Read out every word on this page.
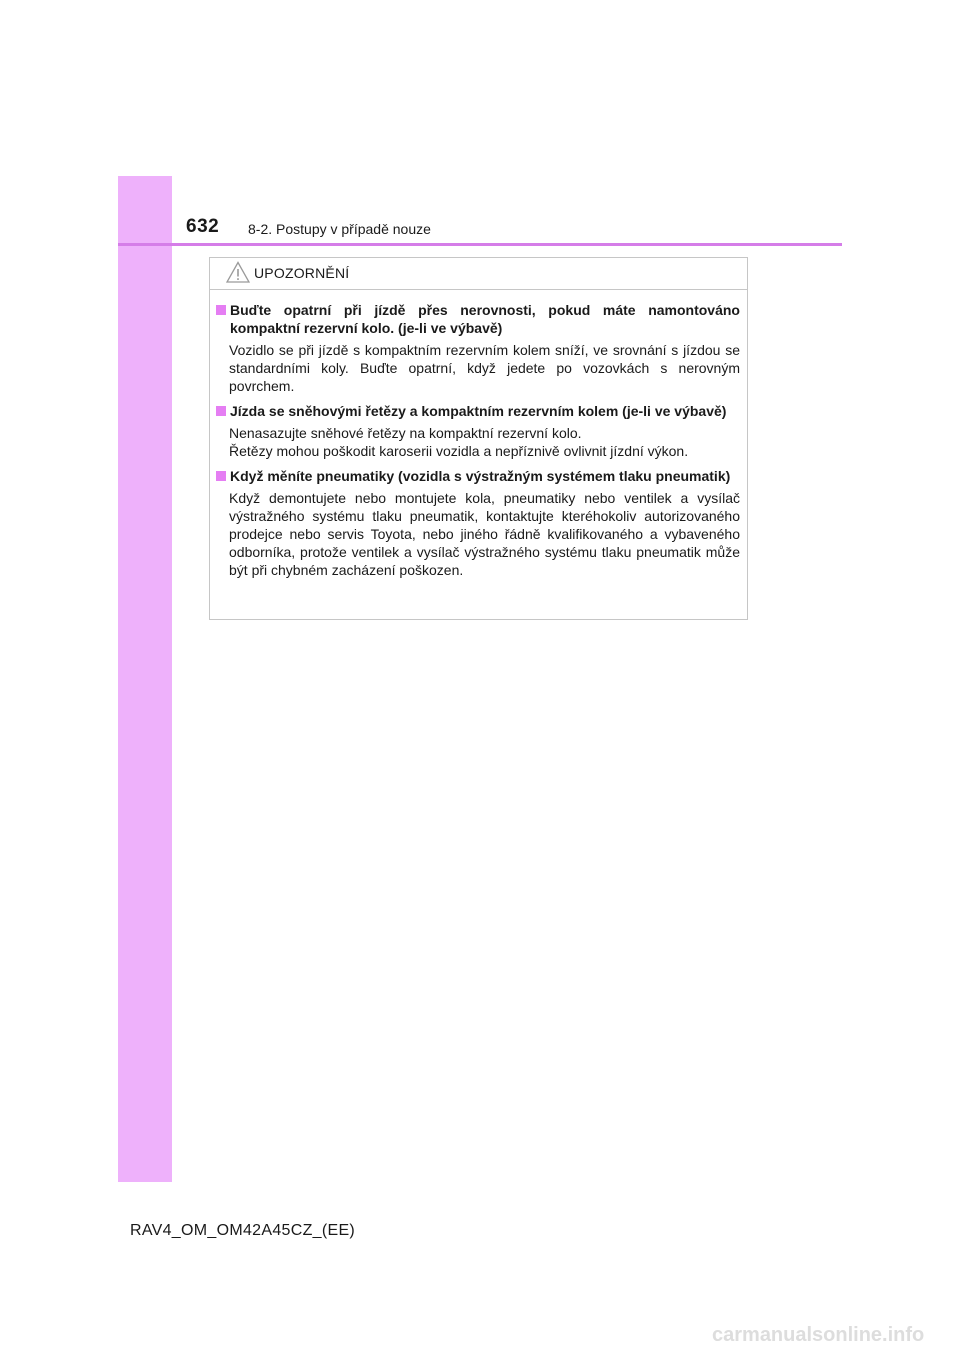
632 8-2. Postupy v případě nouze
UPOZORNĚNÍ
Buďte opatrní při jízdě přes nerovnosti, pokud máte namontováno kompaktní rezervní kolo. (je-li ve výbavě)

Vozidlo se při jízdě s kompaktním rezervním kolem sníží, ve srovnání s jízdou se standardními koly. Buďte opatrní, když jedete po vozovkách s nerovným povrchem.

Jízda se sněhovými řetězy a kompaktním rezervním kolem (je-li ve výbavě)

Nenasazujte sněhové řetězy na kompaktní rezervní kolo.

Řetězy mohou poškodit karoserii vozidla a nepříznivě ovlivnit jízdní výkon.

Když měníte pneumatiky (vozidla s výstražným systémem tlaku pneumatik)

Když demontujete nebo montujete kola, pneumatiky nebo ventilek a vysílač výstražného systému tlaku pneumatik, kontaktujte kteréhokoliv autorizovaného prodejce nebo servis Toyota, nebo jiného řádně kvalifikovaného a vybaveného odborníka, protože ventilek a vysílač výstražného systému tlaku pneumatik může být při chybném zacházení poškozen.

RAV4_OM_OM42A45CZ_(EE)
carmanualsonline.info
